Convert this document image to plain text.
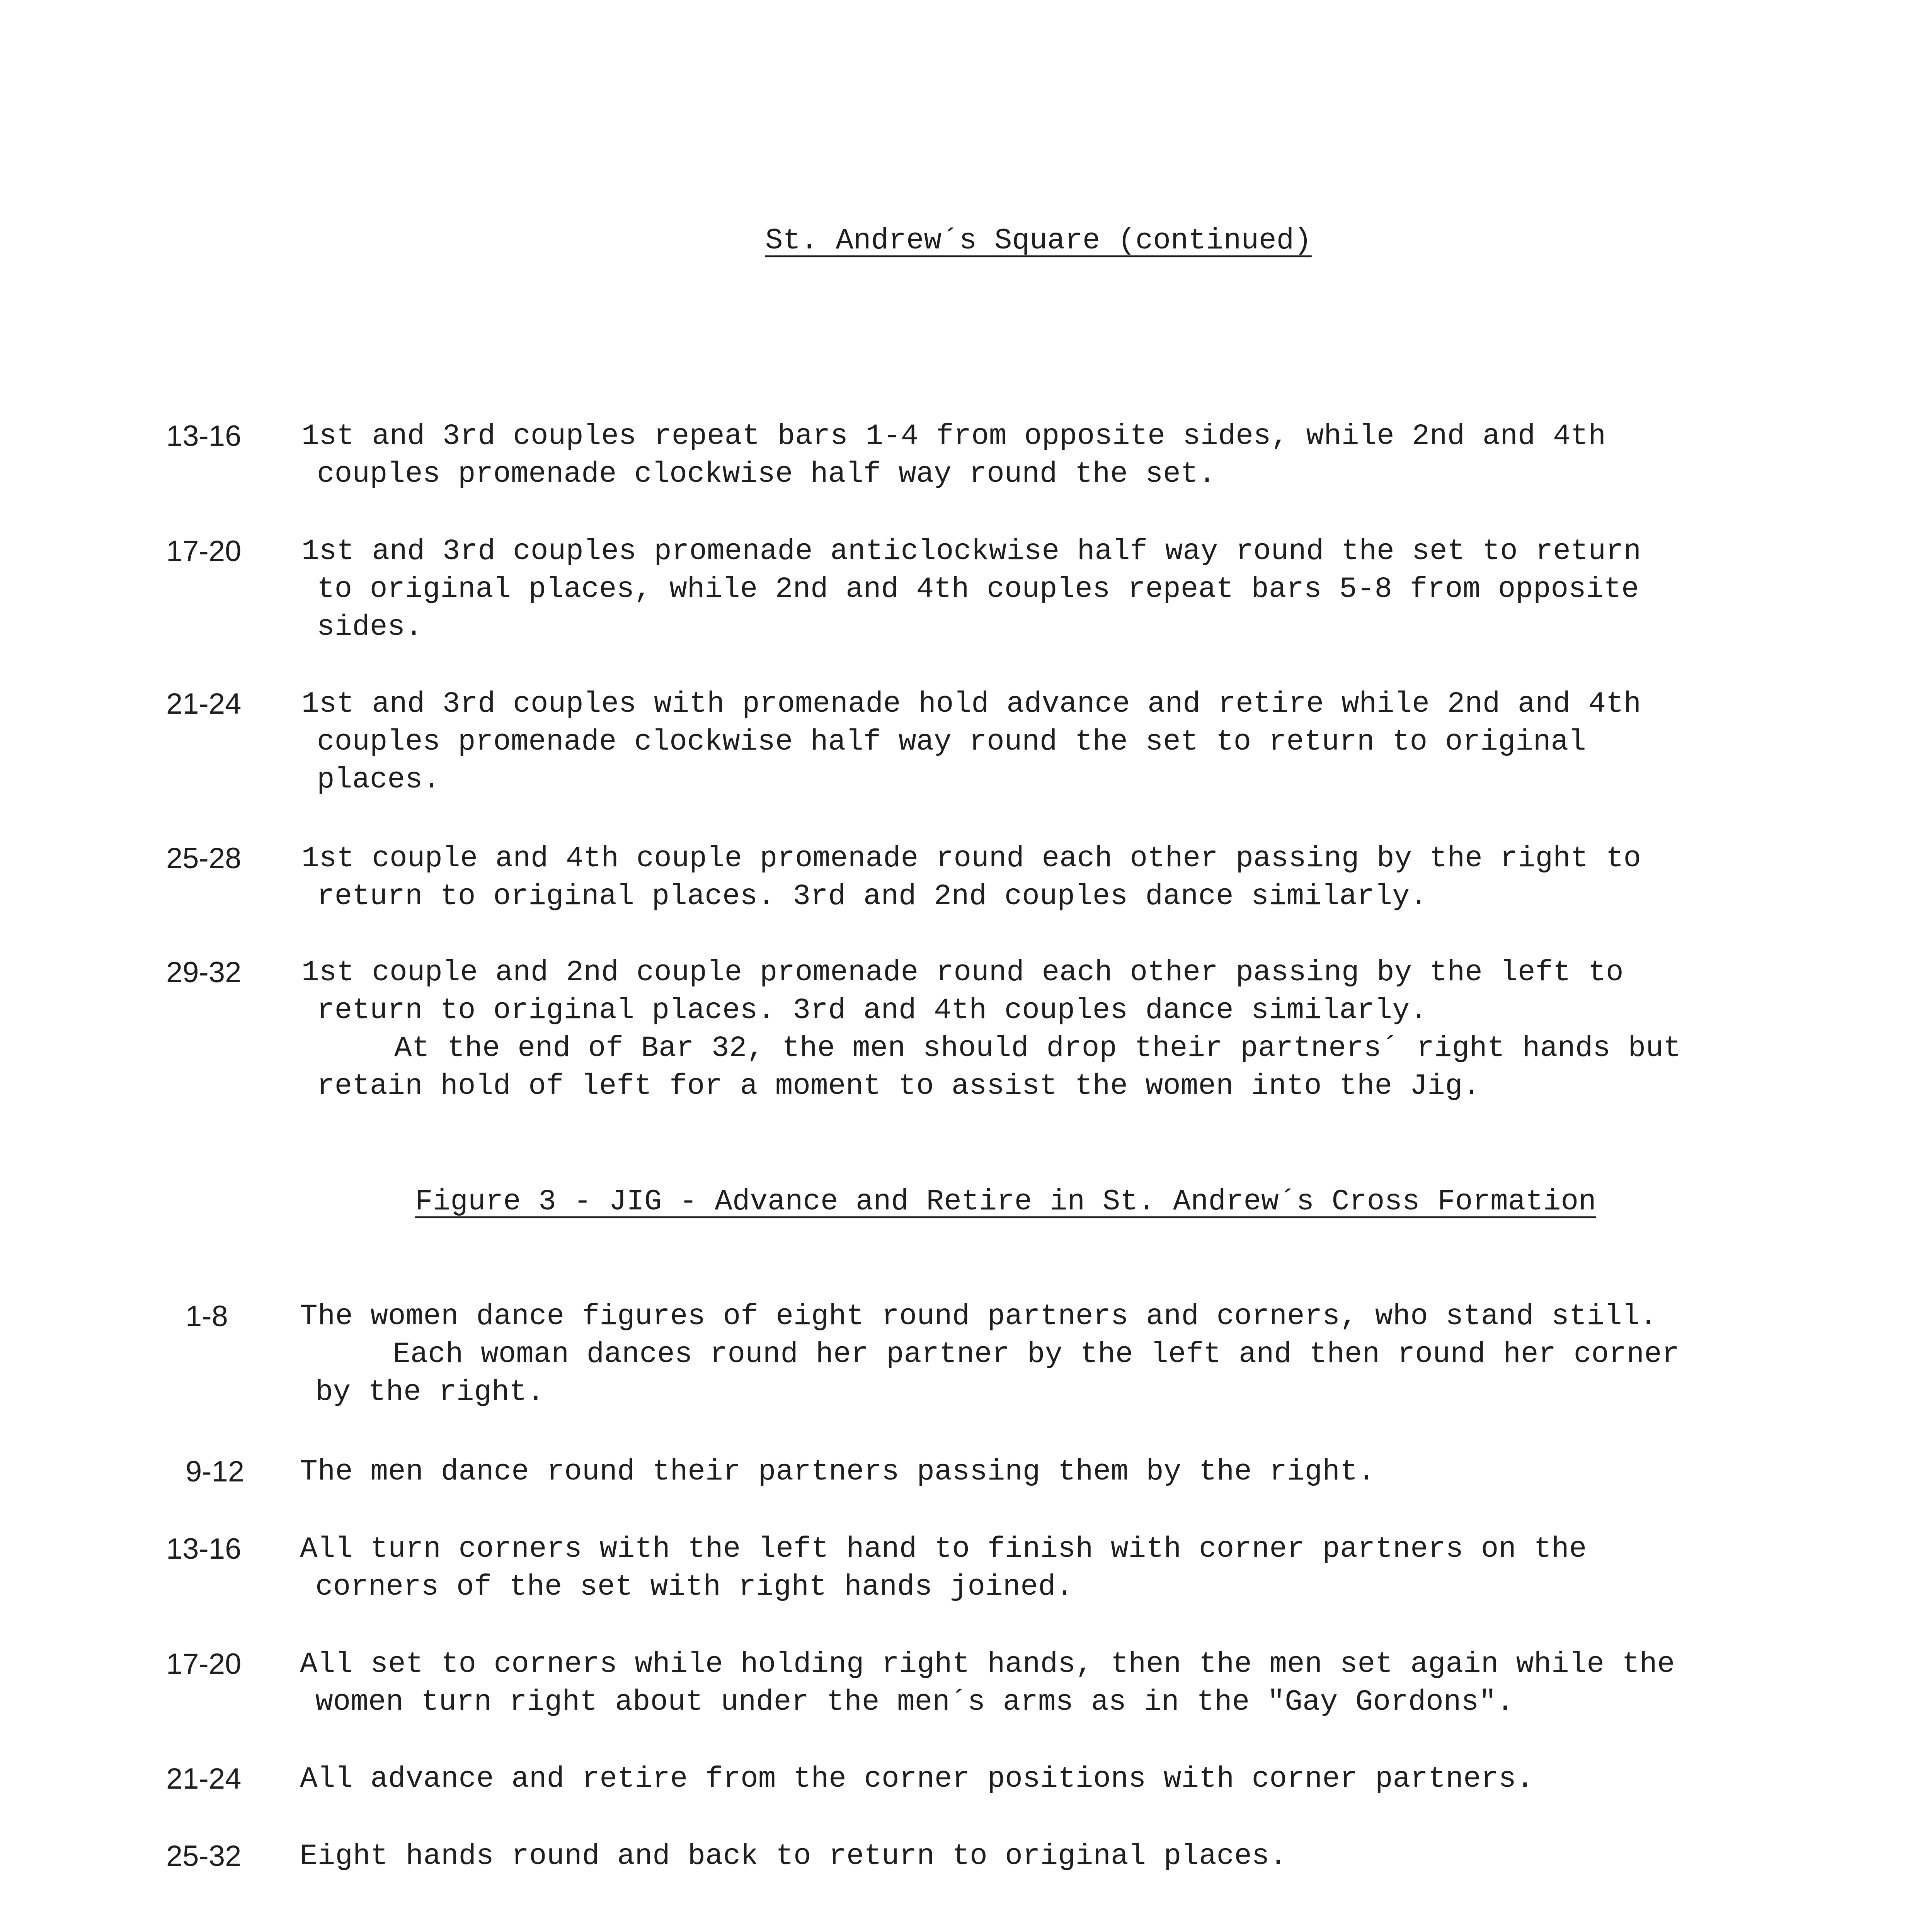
St. Andrew´s Square (continued)
13-16 1st and 3rd couples repeat bars 1-4 from opposite sides, while 2nd and 4th

couples promenade clockwise half way round the set.

17-20 1st and 3rd couples promenade anticlockwise half way round the set to return

to original places, while 2nd and 4th couples repeat bars 5-8 from opposite

sides.

21-24 1st and 3rd couples with promenade hold advance and retire while 2nd and 4th

couples promenade clockwise half way round the set to return to original

places.

25-28 1st couple and 4th couple promenade round each other passing by the right to

return to original places. 3rd and 2nd couples dance similarly.

29-32 1st couple and 2nd couple promenade round each other passing by the left to

return to original places. 3rd and 4th couples dance similarly.

At the end of Bar 32, the men should drop their partners´ right hands but

retain hold of left for a moment to assist the women into the Jig.

Figure 3 - JIG - Advance and Retire in St. Andrew´s Cross Formation
1-8 The women dance figures of eight round partners and corners, who stand still.

Each woman dances round her partner by the left and then round her corner

by the right.

9-12 The men dance round their partners passing them by the right.

13-16 All turn corners with the left hand to finish with corner partners on the

corners of the set with right hands joined.

17-20 All set to corners while holding right hands, then the men set again while the

women turn right about under the men´s arms as in the "Gay Gordons".

21-24 All advance and retire from the corner positions with corner partners.

25-32 Eight hands round and back to return to original places.
